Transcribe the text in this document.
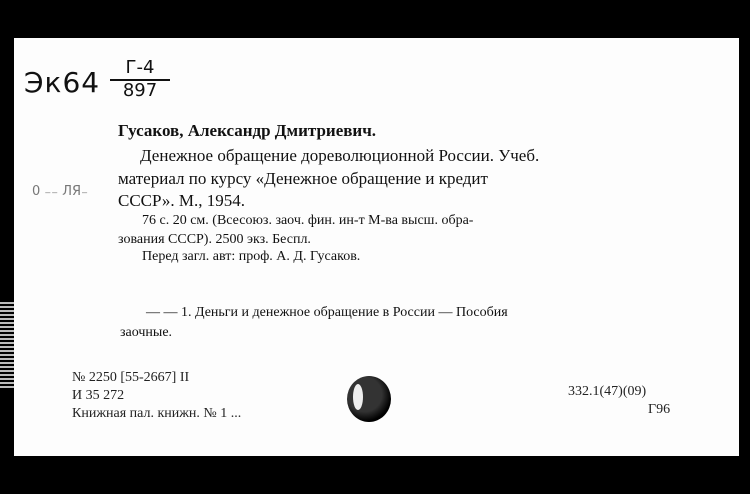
Эк64	Г-4
897
0 ₋₋ ЛЯ₋
Гусаков, Александр Дмитриевич.
Денежное обращение дореволюционной России. Учеб.
материал по курсу «Денежное обращение и кредит
СССР». М., 1954.
76 с. 20 см. (Всесоюз. заоч. фин. ин-т М-ва высш. обра-
зования СССР). 2500 экз. Беспл.
Перед загл. авт: проф. А. Д. Гусаков.
— — 1. Деньги и денежное обращение в России — Пособия
заочные.
№ 2250 [55-2667] II
И 35 272
Книжная пал. книжн. № 1 ...
332.1(47)(09)
Г96
